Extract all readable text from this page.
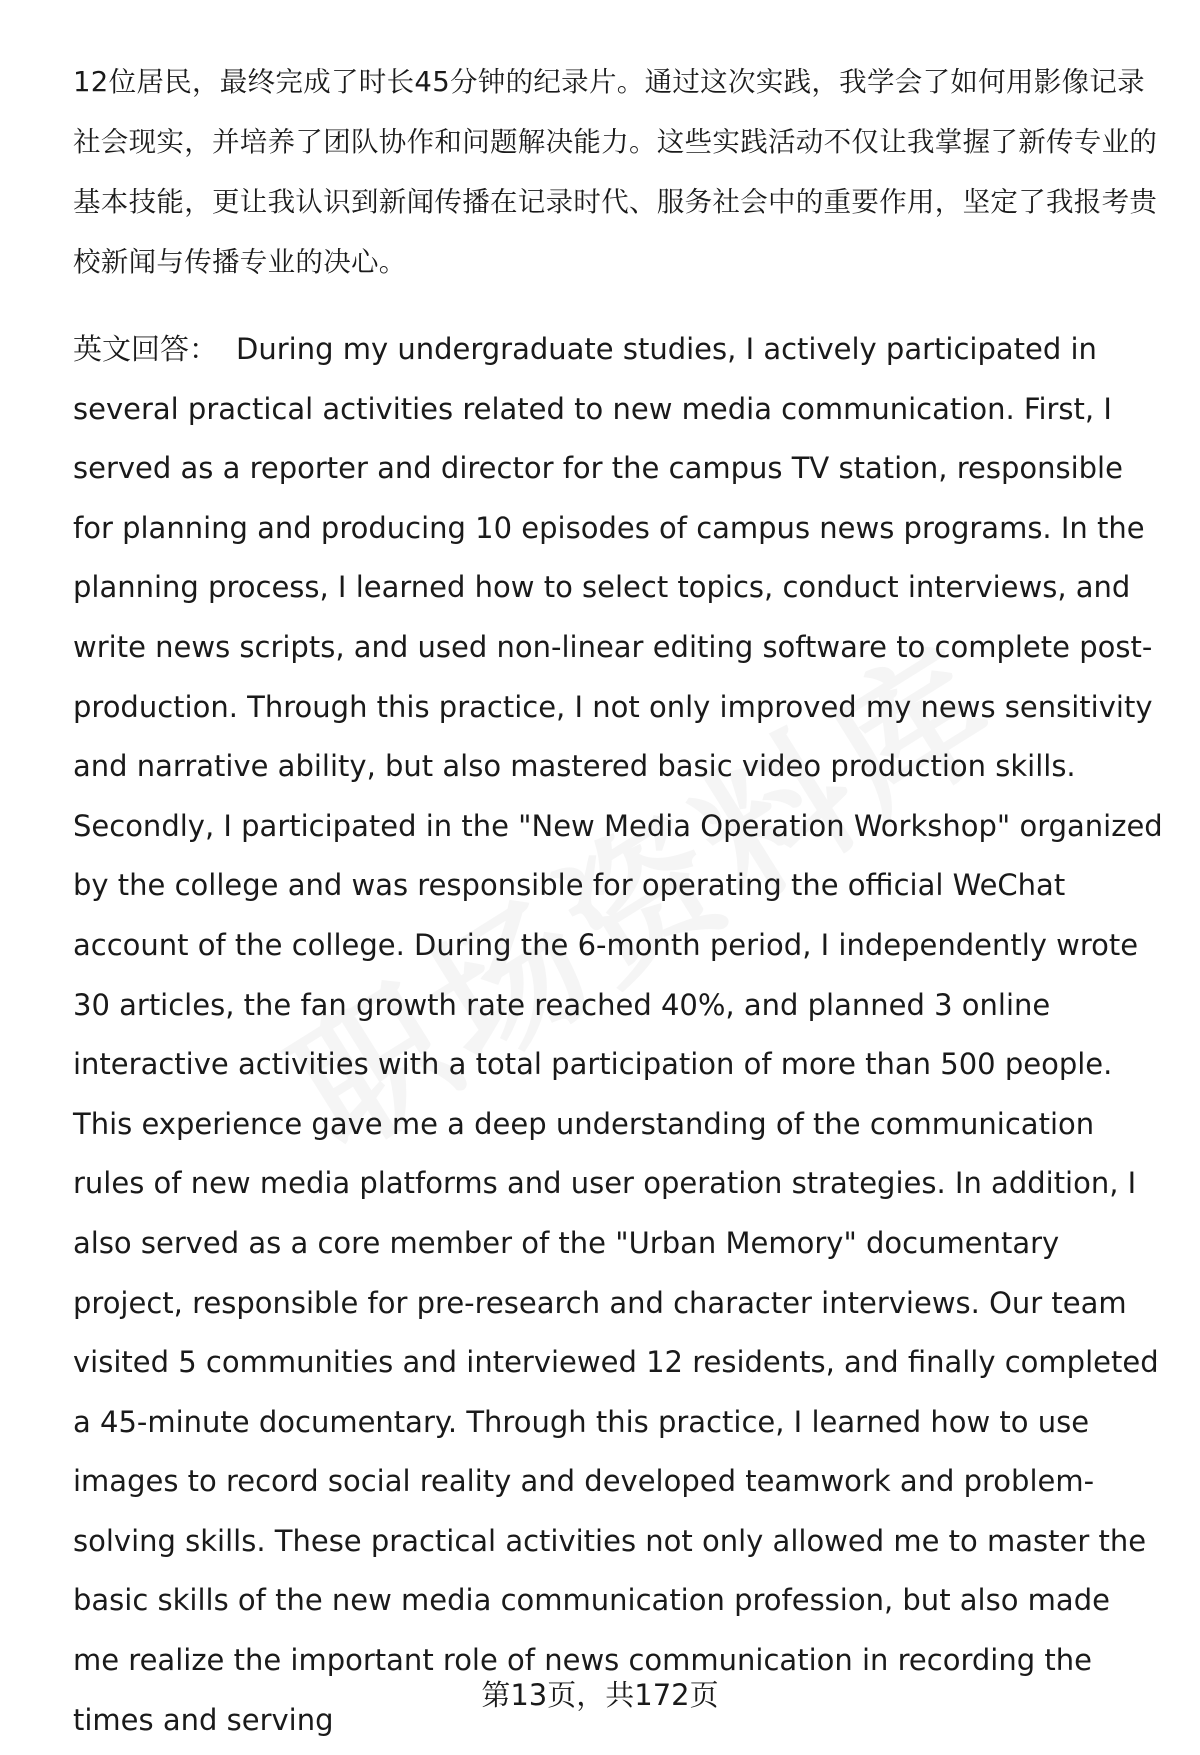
12位居民，最终完成了时长45分钟的纪录片。通过这次实践，我学会了如何用影像记录社会现实，并培养了团队协作和问题解决能力。这些实践活动不仅让我掌握了新传专业的基本技能，更让我认识到新闻传播在记录时代、服务社会中的重要作用，坚定了我报考贵校新闻与传播专业的决心。

英文回答： During my undergraduate studies, I actively participated in several practical activities related to new media communication. First, I served as a reporter and director for the campus TV station, responsible for planning and producing 10 episodes of campus news programs. In the planning process, I learned how to select topics, conduct interviews, and write news scripts, and used non-linear editing software to complete post-production. Through this practice, I not only improved my news sensitivity and narrative ability, but also mastered basic video production skills. Secondly, I participated in the "New Media Operation Workshop" organized by the college and was responsible for operating the official WeChat account of the college. During the 6-month period, I independently wrote 30 articles, the fan growth rate reached 40%, and planned 3 online interactive activities with a total participation of more than 500 people. This experience gave me a deep understanding of the communication rules of new media platforms and user operation strategies. In addition, I also served as a core member of the "Urban Memory" documentary project, responsible for pre-research and character interviews. Our team visited 5 communities and interviewed 12 residents, and finally completed a 45-minute documentary. Through this practice, I learned how to use images to record social reality and developed teamwork and problem-solving skills. These practical activities not only allowed me to master the basic skills of the new media communication profession, but also made me realize the important role of news communication in recording the times and serving

第13页，共172页
